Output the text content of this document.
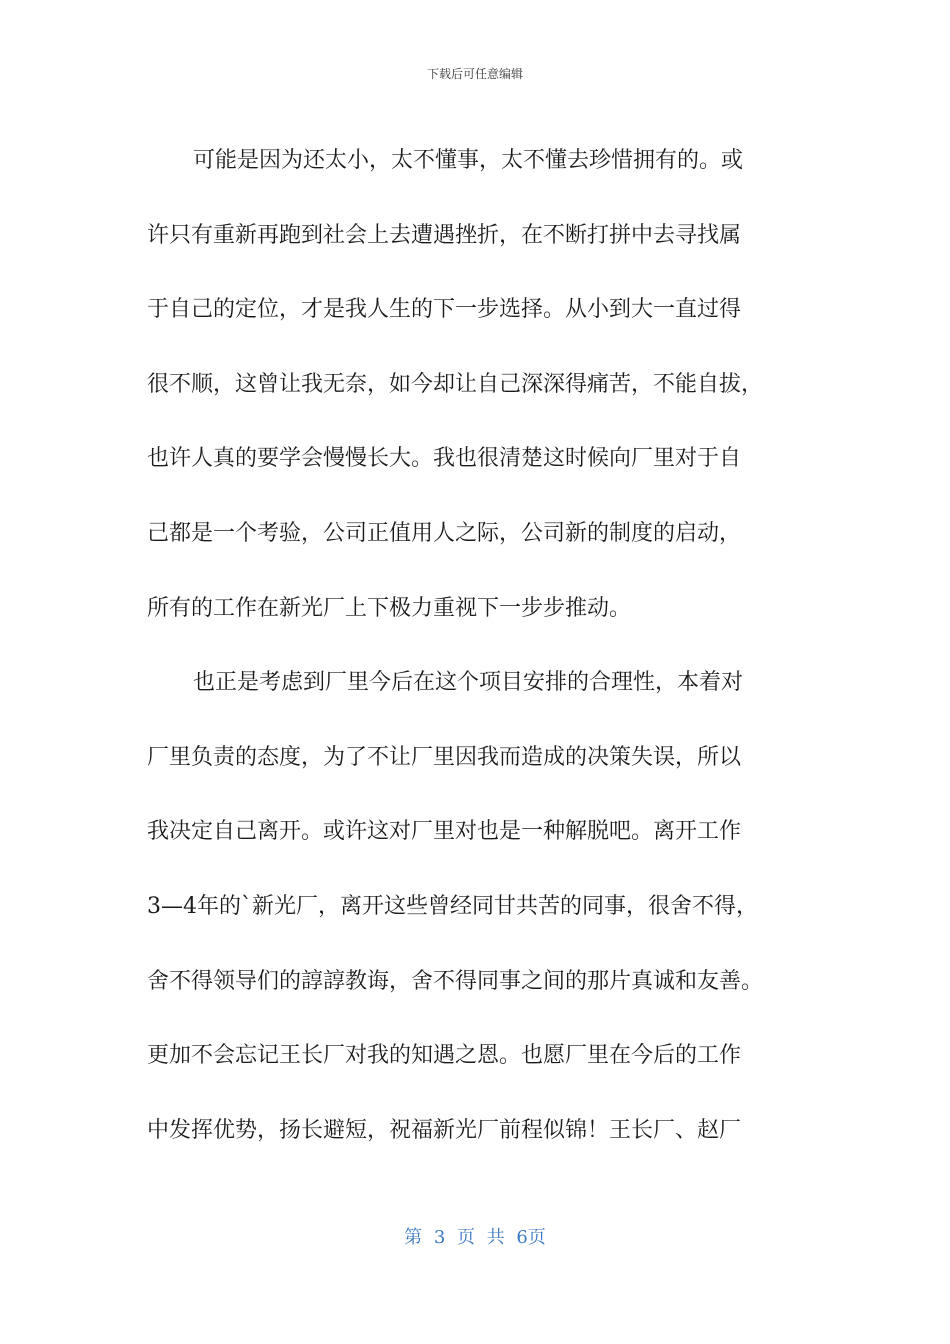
下载后可任意编辑
可能是因为还太小，太不懂事，太不懂去珍惜拥有的。或
许只有重新再跑到社会上去遭遇挫折，在不断打拼中去寻找属
于自己的定位，才是我人生的下一步选择。从小到大一直过得
很不顺，这曾让我无奈，如今却让自己深深得痛苦，不能自拔，
也许人真的要学会慢慢长大。我也很清楚这时候向厂里对于自
己都是一个考验，公司正值用人之际，公司新的制度的启动，
所有的工作在新光厂上下极力重视下一步步推动。
也正是考虑到厂里今后在这个项目安排的合理性，本着对
厂里负责的态度，为了不让厂里因我而造成的决策失误，所以
我决定自己离开。或许这对厂里对也是一种解脱吧。离开工作
3—4年的`新光厂，离开这些曾经同甘共苦的同事，很舍不得，
舍不得领导们的諄諄教诲，舍不得同事之间的那片真诚和友善。
更加不会忘记王长厂对我的知遇之恩。也愿厂里在今后的工作
中发挥优势，扬长避短，祝福新光厂前程似锦！王长厂、赵厂
第 3 页 共 6页
